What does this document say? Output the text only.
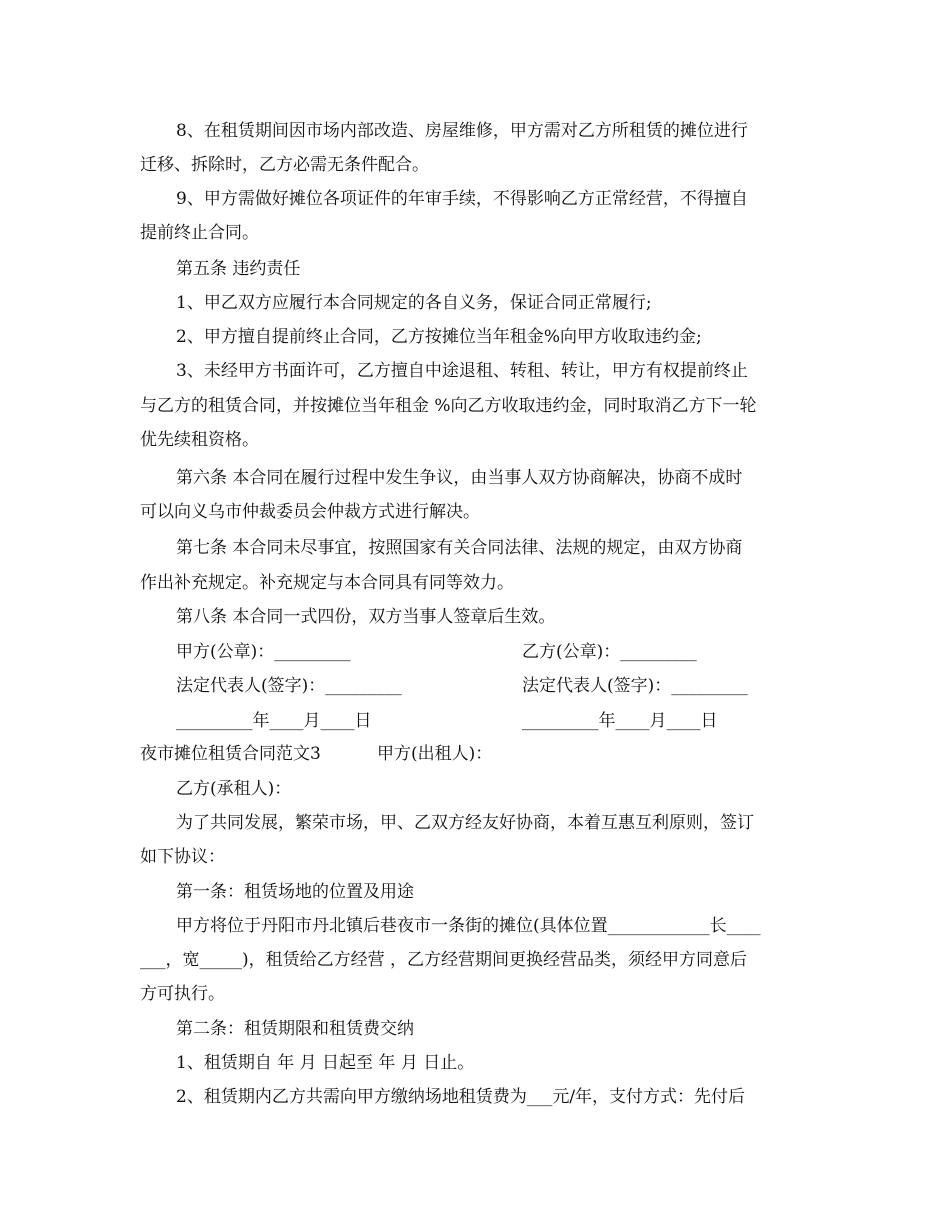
8、在租赁期间因市场内部改造、房屋维修，甲方需对乙方所租赁的摊位进行
迁移、拆除时，乙方必需无条件配合。
9、甲方需做好摊位各项证件的年审手续，不得影响乙方正常经营，不得擅自
提前终止合同。
第五条 违约责任
1、甲乙双方应履行本合同规定的各自义务，保证合同正常履行;
2、甲方擅自提前终止合同，乙方按摊位当年租金%向甲方收取违约金;
3、未经甲方书面许可，乙方擅自中途退租、转租、转让，甲方有权提前终止
与乙方的租赁合同，并按摊位当年租金 %向乙方收取违约金，同时取消乙方下一轮
优先续租资格。
第六条 本合同在履行过程中发生争议，由当事人双方协商解决，协商不成时
可以向义乌市仲裁委员会仲裁方式进行解决。
第七条 本合同未尽事宜，按照国家有关合同法律、法规的规定，由双方协商
作出补充规定。补充规定与本合同具有同等效力。
第八条 本合同一式四份，双方当事人签章后生效。
甲方(公章)：_________	乙方(公章)：_________
法定代表人(签字)：_________	法定代表人(签字)：_________
_________年____月____日	_________年____月____日
夜市摊位租赁合同范文3	甲方(出租人)：
乙方(承租人)：
为了共同发展，繁荣市场，甲、乙双方经友好协商，本着互惠互利原则，签订
如下协议：
第一条：租赁场地的位置及用途
甲方将位于丹阳市丹北镇后巷夜市一条街的摊位(具体位置____________长____
___，宽_____)，租赁给乙方经营 ，乙方经营期间更换经营品类，须经甲方同意后
方可执行。
第二条：租赁期限和租赁费交纳
1、租赁期自 年 月 日起至 年 月 日止。
2、租赁期内乙方共需向甲方缴纳场地租赁费为___元/年，支付方式：先付后
